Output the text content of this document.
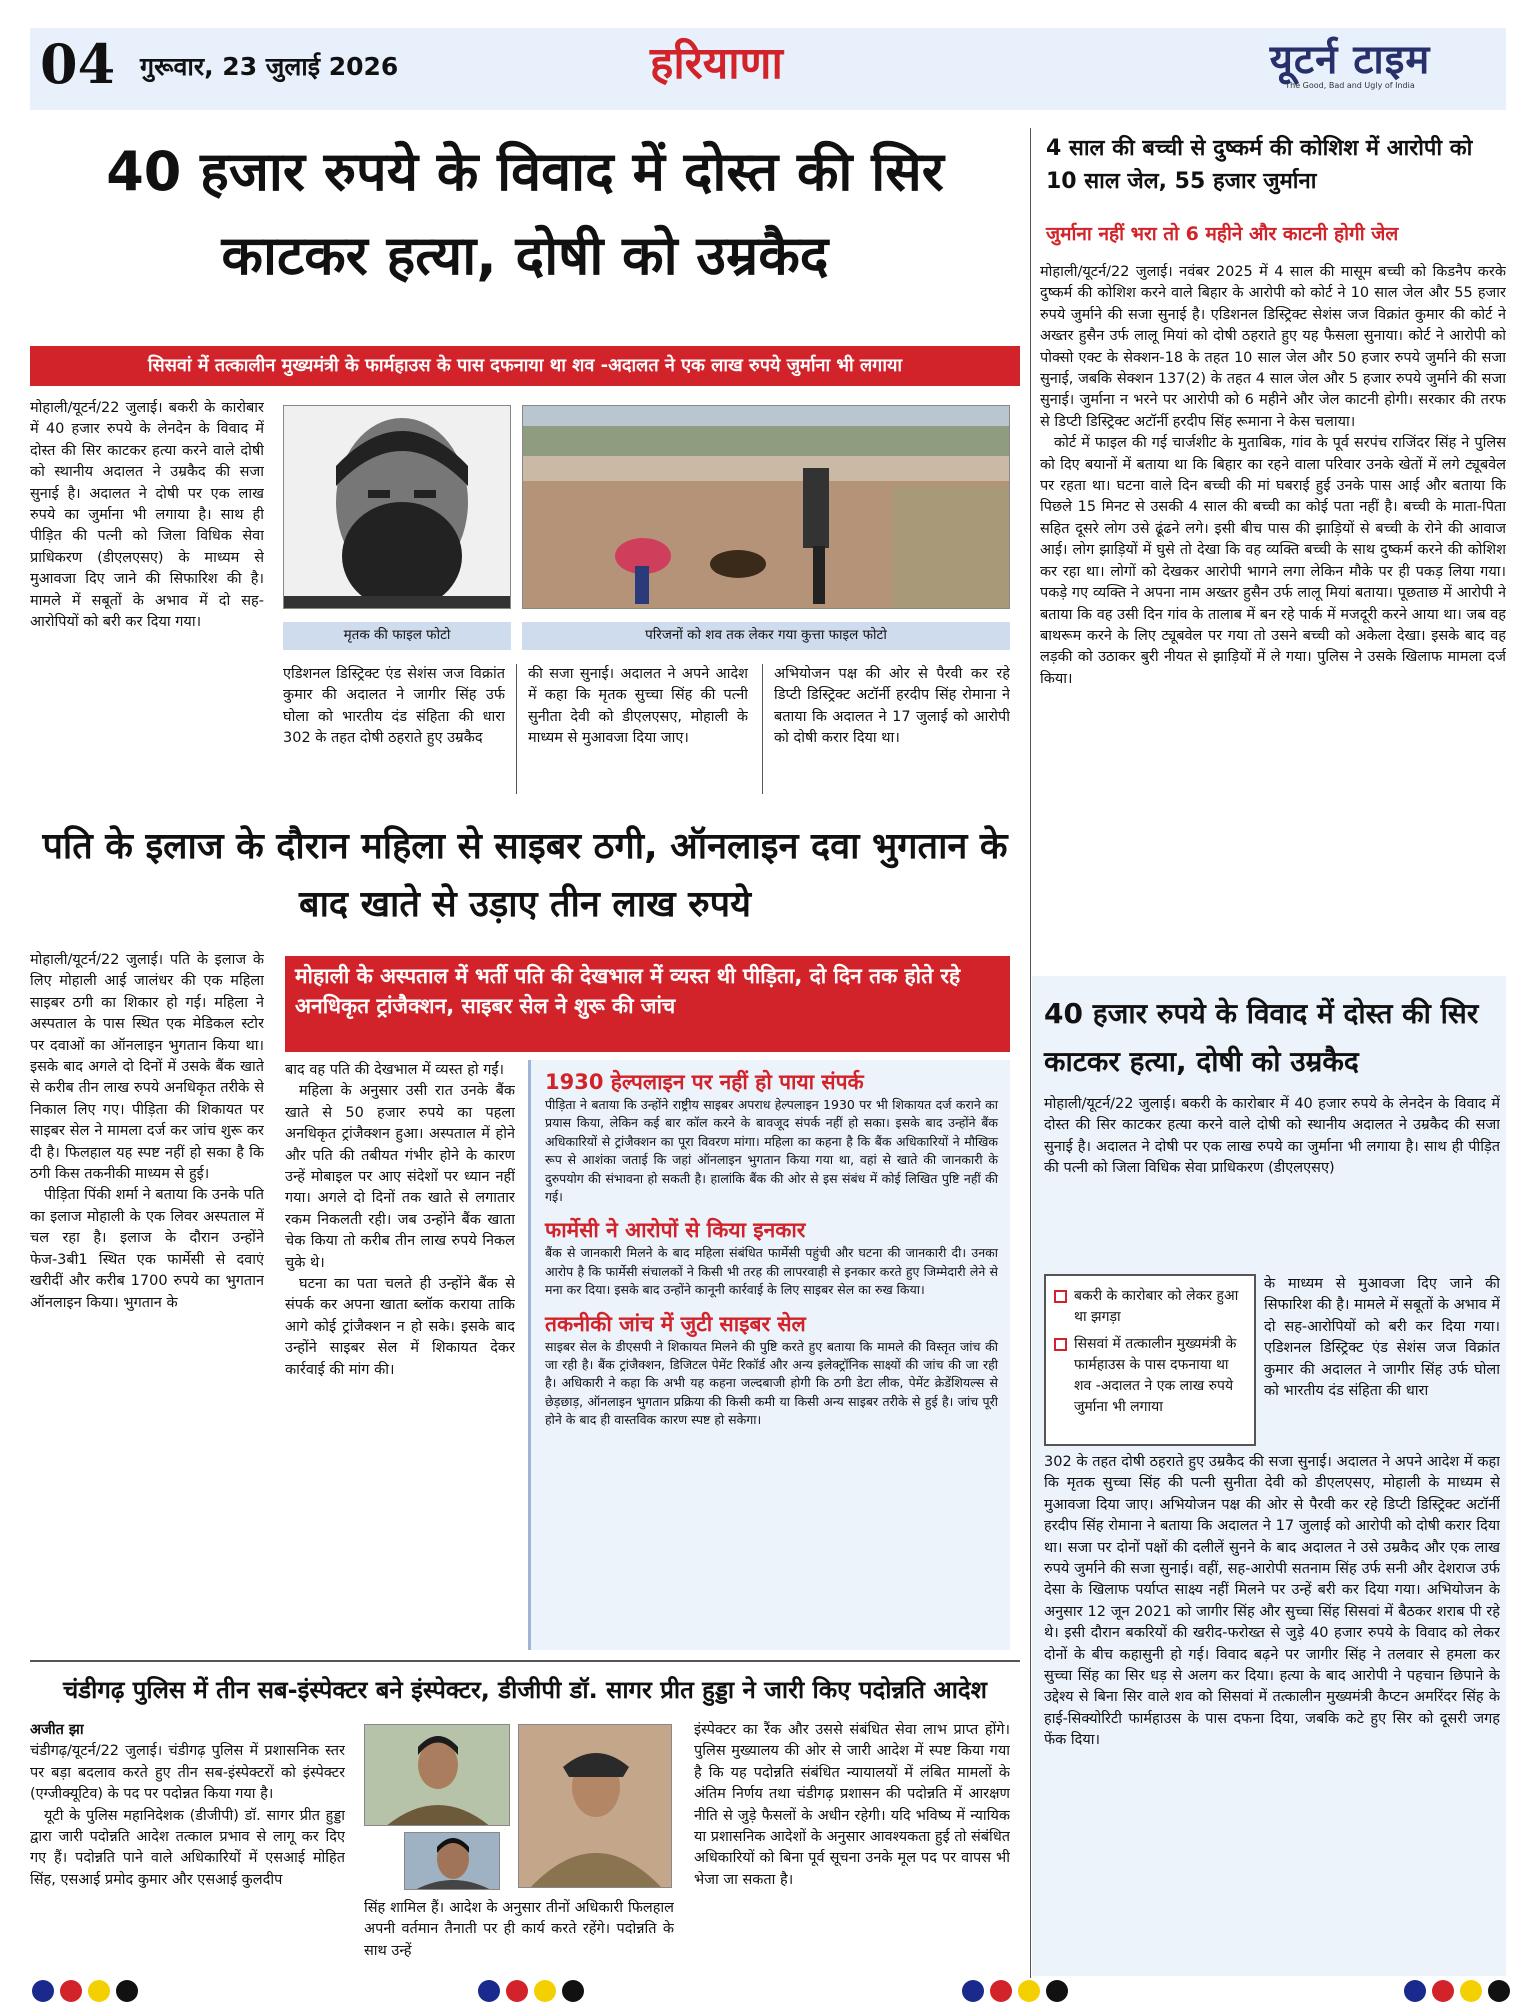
04 गुरूवार, 23 जुलाई 2026	हरियाणा	यूटर्न टाइम
The Good, Bad and Ugly of India
40 हजार रुपये के विवाद में दोस्त की सिर काटकर हत्या, दोषी को उम्रकैद
सिसवां में तत्कालीन मुख्यमंत्री के फार्महाउस के पास दफनाया था शव -अदालत ने एक लाख रुपये जुर्माना भी लगाया

मोहाली/यूटर्न/22 जुलाई। बकरी के कारोबार में 40 हजार रुपये के लेनदेन के विवाद में दोस्त की सिर काटकर हत्या करने वाले दोषी को स्थानीय अदालत ने उम्रकैद की सजा सुनाई है। अदालत ने दोषी पर एक लाख रुपये का जुर्माना भी लगाया है। साथ ही पीड़ित की पत्नी को जिला विधिक सेवा प्राधिकरण (डीएलएसए) के माध्यम से मुआवजा दिए जाने की सिफारिश की है। मामले में सबूतों के अभाव में दो सह-आरोपियों को बरी कर दिया गया।

मृतक की फाइल फोटो	परिजनों को शव तक लेकर गया कुत्ता फाइल फोटो

एडिशनल डिस्ट्रिक्ट एंड सेशंस जज विक्रांत कुमार की अदालत ने जागीर सिंह उर्फ घोला को भारतीय दंड संहिता की धारा 302 के तहत दोषी ठहराते हुए उम्रकैद

की सजा सुनाई। अदालत ने अपने आदेश में कहा कि मृतक सुच्चा सिंह की पत्नी सुनीता देवी को डीएलएसए, मोहाली के माध्यम से मुआवजा दिया जाए।

अभियोजन पक्ष की ओर से पैरवी कर रहे डिप्टी डिस्ट्रिक्ट अटॉर्नी हरदीप सिंह रोमाना ने बताया कि अदालत ने 17 जुलाई को आरोपी को दोषी करार दिया था।

पति के इलाज के दौरान महिला से साइबर ठगी, ऑनलाइन दवा भुगतान के बाद खाते से उड़ाए तीन लाख रुपये

मोहाली/यूटर्न/22 जुलाई। पति के इलाज के लिए मोहाली आई जालंधर की एक महिला साइबर ठगी का शिकार हो गई। महिला ने अस्पताल के पास स्थित एक मेडिकल स्टोर पर दवाओं का ऑनलाइन भुगतान किया था। इसके बाद अगले दो दिनों में उसके बैंक खाते से करीब तीन लाख रुपये अनधिकृत तरीके से निकाल लिए गए। पीड़िता की शिकायत पर साइबर सेल ने मामला दर्ज कर जांच शुरू कर दी है। फिलहाल यह स्पष्ट नहीं हो सका है कि ठगी किस तकनीकी माध्यम से हुई।

पीड़िता पिंकी शर्मा ने बताया कि उनके पति का इलाज मोहाली के एक लिवर अस्पताल में चल रहा है। इलाज के दौरान उन्होंने फेज-3बी1 स्थित एक फार्मेसी से दवाएं खरीदीं और करीब 1700 रुपये का भुगतान ऑनलाइन किया। भुगतान के

मोहाली के अस्पताल में भर्ती पति की देखभाल में व्यस्त थी पीड़िता, दो दिन तक होते रहे अनधिकृत ट्रांजैक्शन, साइबर सेल ने शुरू की जांच

बाद वह पति की देखभाल में व्यस्त हो गईं।

महिला के अनुसार उसी रात उनके बैंक खाते से 50 हजार रुपये का पहला अनधिकृत ट्रांजैक्शन हुआ। अस्पताल में होने और पति की तबीयत गंभीर होने के कारण उन्हें मोबाइल पर आए संदेशों पर ध्यान नहीं गया। अगले दो दिनों तक खाते से लगातार रकम निकलती रही। जब उन्होंने बैंक खाता चेक किया तो करीब तीन लाख रुपये निकल चुके थे।

घटना का पता चलते ही उन्होंने बैंक से संपर्क कर अपना खाता ब्लॉक कराया ताकि आगे कोई ट्रांजैक्शन न हो सके। इसके बाद उन्होंने साइबर सेल में शिकायत देकर कार्रवाई की मांग की।

1930 हेल्पलाइन पर नहीं हो पाया संपर्क
पीड़िता ने बताया कि उन्होंने राष्ट्रीय साइबर अपराध हेल्पलाइन 1930 पर भी शिकायत दर्ज कराने का प्रयास किया, लेकिन कई बार कॉल करने के बावजूद संपर्क नहीं हो सका। इसके बाद उन्होंने बैंक अधिकारियों से ट्रांजैक्शन का पूरा विवरण मांगा। महिला का कहना है कि बैंक अधिकारियों ने मौखिक रूप से आशंका जताई कि जहां ऑनलाइन भुगतान किया गया था, वहां से खाते की जानकारी के दुरुपयोग की संभावना हो सकती है। हालांकि बैंक की ओर से इस संबंध में कोई लिखित पुष्टि नहीं की गई।
फार्मेसी ने आरोपों से किया इनकार
बैंक से जानकारी मिलने के बाद महिला संबंधित फार्मेसी पहुंची और घटना की जानकारी दी। उनका आरोप है कि फार्मेसी संचालकों ने किसी भी तरह की लापरवाही से इनकार करते हुए जिम्मेदारी लेने से मना कर दिया। इसके बाद उन्होंने कानूनी कार्रवाई के लिए साइबर सेल का रुख किया।
तकनीकी जांच में जुटी साइबर सेल
साइबर सेल के डीएसपी ने शिकायत मिलने की पुष्टि करते हुए बताया कि मामले की विस्तृत जांच की जा रही है। बैंक ट्रांजैक्शन, डिजिटल पेमेंट रिकॉर्ड और अन्य इलेक्ट्रॉनिक साक्ष्यों की जांच की जा रही है। अधिकारी ने कहा कि अभी यह कहना जल्दबाजी होगी कि ठगी डेटा लीक, पेमेंट क्रेडेंशियल्स से छेड़छाड़, ऑनलाइन भुगतान प्रक्रिया की किसी कमी या किसी अन्य साइबर तरीके से हुई है। जांच पूरी होने के बाद ही वास्तविक कारण स्पष्ट हो सकेगा।
चंडीगढ़ पुलिस में तीन सब-इंस्पेक्टर बने इंस्पेक्टर, डीजीपी डॉ. सागर प्रीत हुड्डा ने जारी किए पदोन्नति आदेश

अजीत झा

चंडीगढ़/यूटर्न/22 जुलाई। चंडीगढ़ पुलिस में प्रशासनिक स्तर पर बड़ा बदलाव करते हुए तीन सब-इंस्पेक्टरों को इंस्पेक्टर (एग्जीक्यूटिव) के पद पर पदोन्नत किया गया है।

यूटी के पुलिस महानिदेशक (डीजीपी) डॉ. सागर प्रीत हुड्डा द्वारा जारी पदोन्नति आदेश तत्काल प्रभाव से लागू कर दिए गए हैं। पदोन्नति पाने वाले अधिकारियों में एसआई मोहित सिंह, एसआई प्रमोद कुमार और एसआई कुलदीप

सिंह शामिल हैं। आदेश के अनुसार तीनों अधिकारी फिलहाल अपनी वर्तमान तैनाती पर ही कार्य करते रहेंगे। पदोन्नति के साथ उन्हें

इंस्पेक्टर का रैंक और उससे संबंधित सेवा लाभ प्राप्त होंगे। पुलिस मुख्यालय की ओर से जारी आदेश में स्पष्ट किया गया है कि यह पदोन्नति संबंधित न्यायालयों में लंबित मामलों के अंतिम निर्णय तथा चंडीगढ़ प्रशासन की पदोन्नति में आरक्षण नीति से जुड़े फैसलों के अधीन रहेगी। यदि भविष्य में न्यायिक या प्रशासनिक आदेशों के अनुसार आवश्यकता हुई तो संबंधित अधिकारियों को बिना पूर्व सूचना उनके मूल पद पर वापस भी भेजा जा सकता है।

4 साल की बच्ची से दुष्कर्म की कोशिश में आरोपी को 10 साल जेल, 55 हजार जुर्माना
जुर्माना नहीं भरा तो 6 महीने और काटनी होगी जेल

मोहाली/यूटर्न/22 जुलाई। नवंबर 2025 में 4 साल की मासूम बच्ची को किडनैप करके दुष्कर्म की कोशिश करने वाले बिहार के आरोपी को कोर्ट ने 10 साल जेल और 55 हजार रुपये जुर्माने की सजा सुनाई है। एडिशनल डिस्ट्रिक्ट सेशंस जज विक्रांत कुमार की कोर्ट ने अख्तर हुसैन उर्फ लालू मियां को दोषी ठहराते हुए यह फैसला सुनाया। कोर्ट ने आरोपी को पोक्सो एक्ट के सेक्शन-18 के तहत 10 साल जेल और 50 हजार रुपये जुर्माने की सजा सुनाई, जबकि सेक्शन 137(2) के तहत 4 साल जेल और 5 हजार रुपये जुर्माने की सजा सुनाई। जुर्माना न भरने पर आरोपी को 6 महीने और जेल काटनी होगी। सरकार की तरफ से डिप्टी डिस्ट्रिक्ट अटॉर्नी हरदीप सिंह रूमाना ने केस चलाया।

कोर्ट में फाइल की गई चार्जशीट के मुताबिक, गांव के पूर्व सरपंच राजिंदर सिंह ने पुलिस को दिए बयानों में बताया था कि बिहार का रहने वाला परिवार उनके खेतों में लगे ट्यूबवेल पर रहता था। घटना वाले दिन बच्ची की मां घबराई हुई उनके पास आई और बताया कि पिछले 15 मिनट से उसकी 4 साल की बच्ची का कोई पता नहीं है। बच्ची के माता-पिता सहित दूसरे लोग उसे ढूंढने लगे। इसी बीच पास की झाड़ियों से बच्ची के रोने की आवाज आई। लोग झाड़ियों में घुसे तो देखा कि वह व्यक्ति बच्ची के साथ दुष्कर्म करने की कोशिश कर रहा था। लोगों को देखकर आरोपी भागने लगा लेकिन मौके पर ही पकड़ लिया गया। पकड़े गए व्यक्ति ने अपना नाम अख्तर हुसैन उर्फ लालू मियां बताया। पूछताछ में आरोपी ने बताया कि वह उसी दिन गांव के तालाब में बन रहे पार्क में मजदूरी करने आया था। जब वह बाथरूम करने के लिए ट्यूबवेल पर गया तो उसने बच्ची को अकेला देखा। इसके बाद वह लड़की को उठाकर बुरी नीयत से झाड़ियों में ले गया। पुलिस ने उसके खिलाफ मामला दर्ज किया।

40 हजार रुपये के विवाद में दोस्त की सिर काटकर हत्या, दोषी को उम्रकैद

मोहाली/यूटर्न/22 जुलाई। बकरी के कारोबार में 40 हजार रुपये के लेनदेन के विवाद में दोस्त की सिर काटकर हत्या करने वाले दोषी को स्थानीय अदालत ने उम्रकैद की सजा सुनाई है। अदालत ने दोषी पर एक लाख रुपये का जुर्माना भी लगाया है। साथ ही पीड़ित की पत्नी को जिला विधिक सेवा प्राधिकरण (डीएलएसए)

बकरी के कारोबार को लेकर हुआ था झगड़ा
सिसवां में तत्कालीन मुख्यमंत्री के फार्महाउस के पास दफनाया था शव -अदालत ने एक लाख रुपये जुर्माना भी लगाया

के माध्यम से मुआवजा दिए जाने की सिफारिश की है। मामले में सबूतों के अभाव में दो सह-आरोपियों को बरी कर दिया गया। एडिशनल डिस्ट्रिक्ट एंड सेशंस जज विक्रांत कुमार की अदालत ने जागीर सिंह उर्फ घोला को भारतीय दंड संहिता की धारा

302 के तहत दोषी ठहराते हुए उम्रकैद की सजा सुनाई। अदालत ने अपने आदेश में कहा कि मृतक सुच्चा सिंह की पत्नी सुनीता देवी को डीएलएसए, मोहाली के माध्यम से मुआवजा दिया जाए। अभियोजन पक्ष की ओर से पैरवी कर रहे डिप्टी डिस्ट्रिक्ट अटॉर्नी हरदीप सिंह रोमाना ने बताया कि अदालत ने 17 जुलाई को आरोपी को दोषी करार दिया था। सजा पर दोनों पक्षों की दलीलें सुनने के बाद अदालत ने उसे उम्रकैद और एक लाख रुपये जुर्माने की सजा सुनाई। वहीं, सह-आरोपी सतनाम सिंह उर्फ सनी और देशराज उर्फ देसा के खिलाफ पर्याप्त साक्ष्य नहीं मिलने पर उन्हें बरी कर दिया गया। अभियोजन के अनुसार 12 जून 2021 को जागीर सिंह और सुच्चा सिंह सिसवां में बैठकर शराब पी रहे थे। इसी दौरान बकरियों की खरीद-फरोख्त से जुड़े 40 हजार रुपये के विवाद को लेकर दोनों के बीच कहासुनी हो गई। विवाद बढ़ने पर जागीर सिंह ने तलवार से हमला कर सुच्चा सिंह का सिर धड़ से अलग कर दिया। हत्या के बाद आरोपी ने पहचान छिपाने के उद्देश्य से बिना सिर वाले शव को सिसवां में तत्कालीन मुख्यमंत्री कैप्टन अमरिंदर सिंह के हाई-सिक्योरिटी फार्महाउस के पास दफना दिया, जबकि कटे हुए सिर को दूसरी जगह फेंक दिया।
